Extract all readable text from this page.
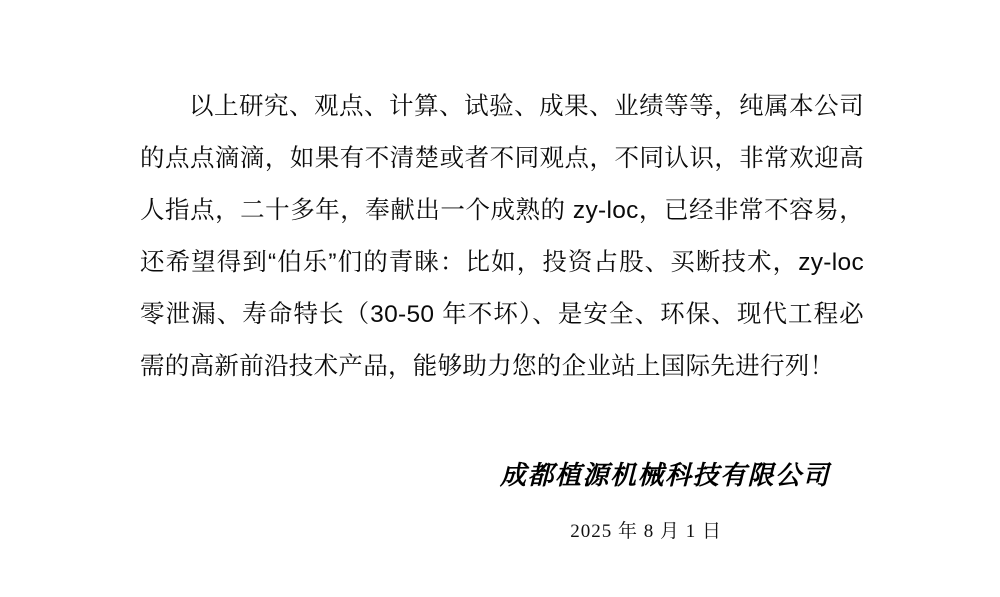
以上研究、观点、计算、试验、成果、业绩等等，纯属本公司的点点滴滴，如果有不清楚或者不同观点，不同认识，非常欢迎高人指点，二十多年，奉献出一个成熟的 zy-loc，已经非常不容易，还希望得到“伯乐”们的青睐：比如，投资占股、买断技术，zy-loc 零泄漏、寿命特长（30-50 年不坏）、是安全、环保、现代工程必需的高新前沿技术产品，能够助力您的企业站上国际先进行列！

成都植源机械科技有限公司
2025 年 8 月 1 日
